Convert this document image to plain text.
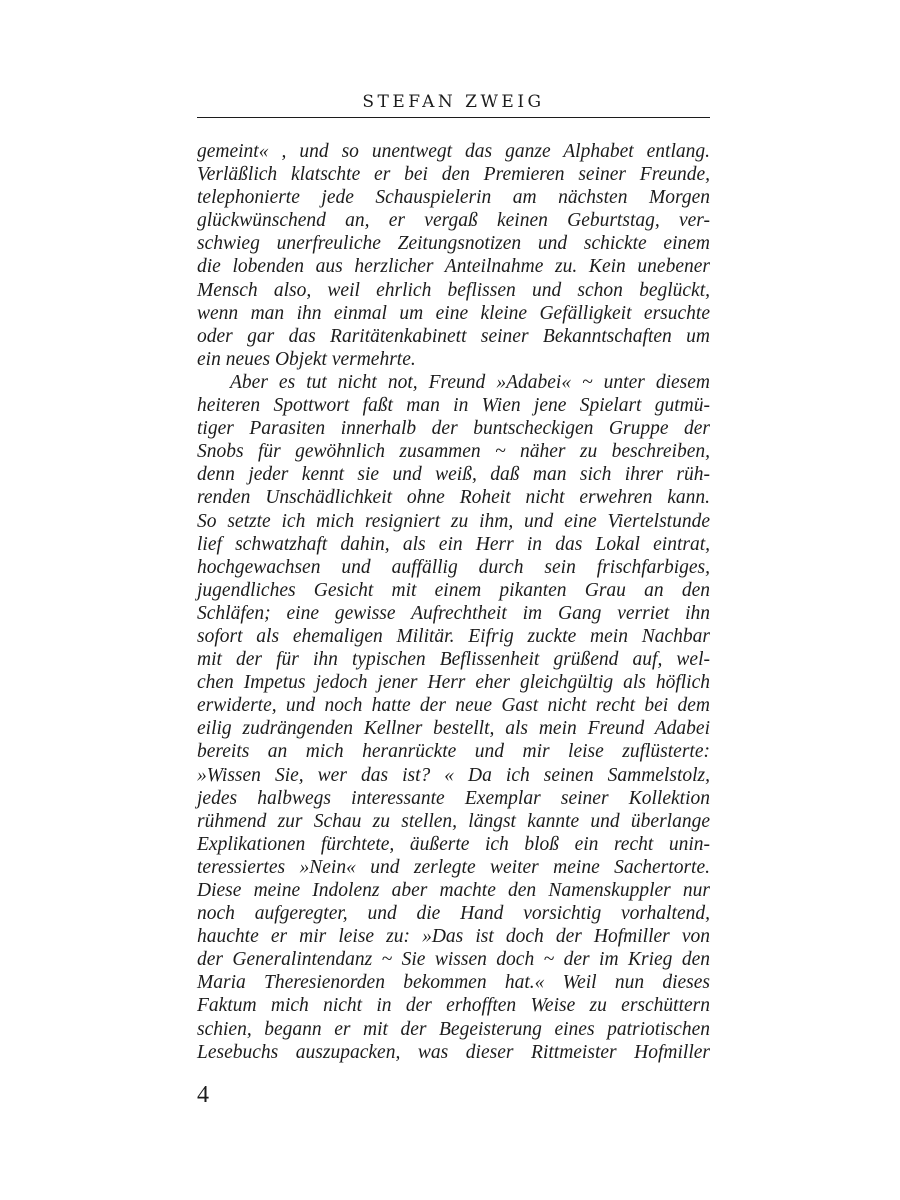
STEFAN ZWEIG
gemeint« , und so unentwegt das ganze Alphabet entlang.
Verläßlich klatschte er bei den Premieren seiner Freunde,
telephonierte jede Schauspielerin am nächsten Morgen
glückwünschend an, er vergaß keinen Geburtstag, ver-
schwieg unerfreuliche Zeitungsnotizen und schickte einem
die lobenden aus herzlicher Anteilnahme zu. Kein unebener
Mensch also, weil ehrlich beflissen und schon beglückt,
wenn man ihn einmal um eine kleine Gefälligkeit ersuchte
oder gar das Raritätenkabinett seiner Bekanntschaften um
ein neues Objekt vermehrte.
Aber es tut nicht not, Freund »Adabei« ~ unter diesem
heiteren Spottwort faßt man in Wien jene Spielart gutmü-
tiger Parasiten innerhalb der buntscheckigen Gruppe der
Snobs für gewöhnlich zusammen ~ näher zu beschreiben,
denn jeder kennt sie und weiß, daß man sich ihrer rüh-
renden Unschädlichkeit ohne Roheit nicht erwehren kann.
So setzte ich mich resigniert zu ihm, und eine Viertelstunde
lief schwatzhaft dahin, als ein Herr in das Lokal eintrat,
hochgewachsen und auffällig durch sein frischfarbiges,
jugendliches Gesicht mit einem pikanten Grau an den
Schläfen; eine gewisse Aufrechtheit im Gang verriet ihn
sofort als ehemaligen Militär. Eifrig zuckte mein Nachbar
mit der für ihn typischen Beflissenheit grüßend auf, wel-
chen Impetus jedoch jener Herr eher gleichgültig als höflich
erwiderte, und noch hatte der neue Gast nicht recht bei dem
eilig zudrängenden Kellner bestellt, als mein Freund Adabei
bereits an mich heranrückte und mir leise zuflüsterte:
»Wissen Sie, wer das ist? « Da ich seinen Sammelstolz,
jedes halbwegs interessante Exemplar seiner Kollektion
rühmend zur Schau zu stellen, längst kannte und überlange
Explikationen fürchtete, äußerte ich bloß ein recht unin-
teressiertes »Nein« und zerlegte weiter meine Sachertorte.
Diese meine Indolenz aber machte den Namenskuppler nur
noch aufgeregter, und die Hand vorsichtig vorhaltend,
hauchte er mir leise zu: »Das ist doch der Hofmiller von
der Generalintendanz ~ Sie wissen doch ~ der im Krieg den
Maria Theresienorden bekommen hat.« Weil nun dieses
Faktum mich nicht in der erhofften Weise zu erschüttern
schien, begann er mit der Begeisterung eines patriotischen
Lesebuchs auszupacken, was dieser Rittmeister Hofmiller
4
